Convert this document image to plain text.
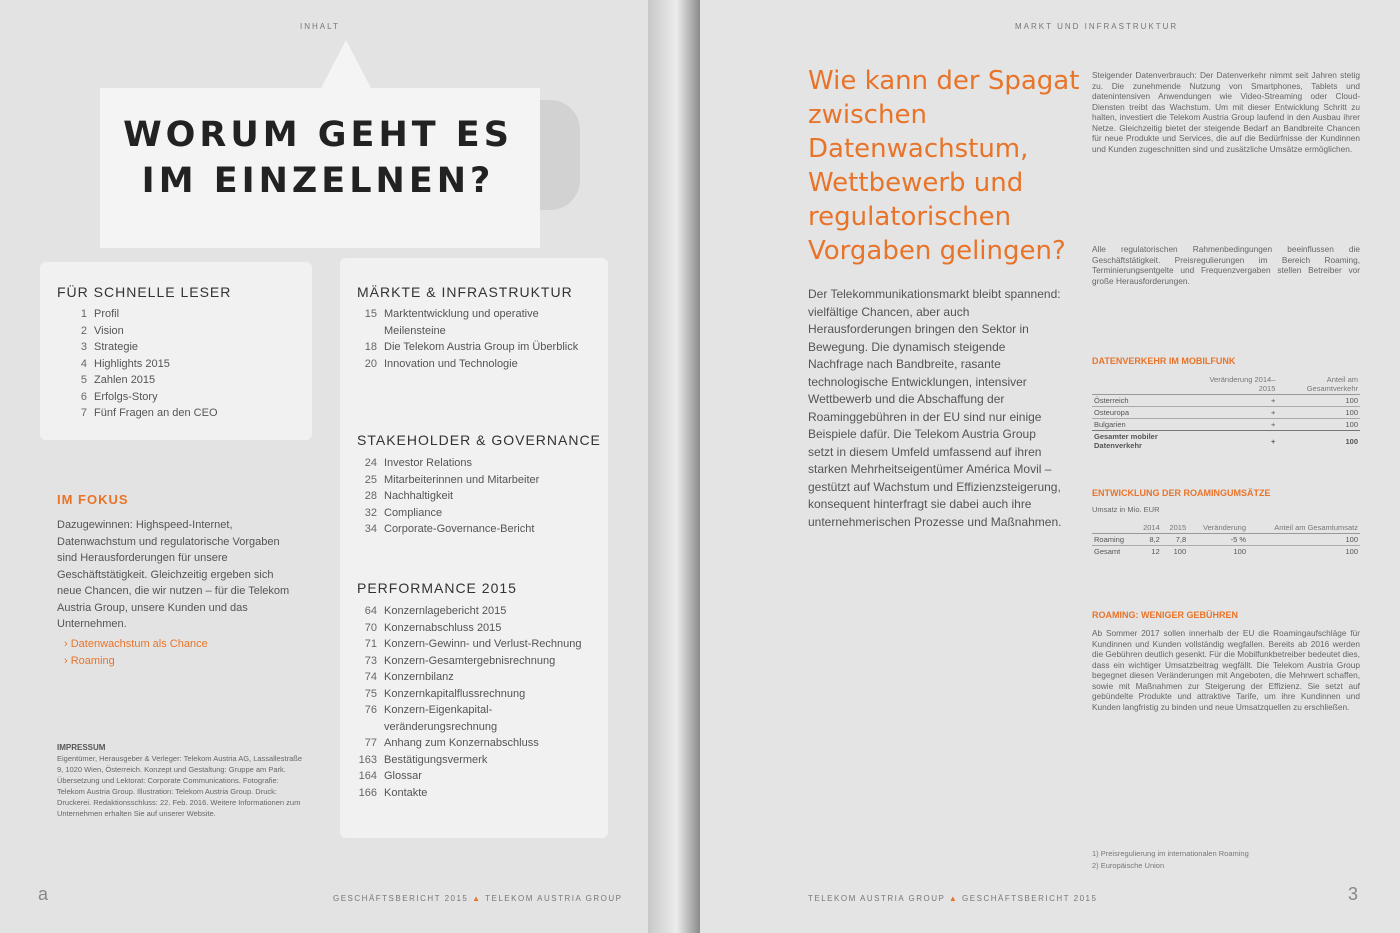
INHALT
WORUM GEHT ES IM EINZELNEN?
FÜR SCHNELLE LESER
1 Profil
2 Vision
3 Strategie
4 Highlights 2015
5 Zahlen 2015
6 Erfolgs-Story
7 Fünf Fragen an den CEO
MÄRKTE & INFRASTRUKTUR
15 Marktentwicklung und operative Meilensteine
18 Die Telekom Austria Group im Überblick
20 Innovation und Technologie
STAKEHOLDER & GOVERNANCE
24 Investor Relations
25 Mitarbeiterinnen und Mitarbeiter
28 Nachhaltigkeit
32 Compliance
34 Corporate-Governance-Bericht
PERFORMANCE 2015
64 Konzernlagebericht 2015
70 Konzernabschluss 2015
71 Konzern-Gewinn- und Verlust-Rechnung
73 Konzern-Gesamtergebnisrechnung
74 Konzernbilanz
75 Konzernkapitalflussrechnung
76 Konzern-Eigenkapital-veränderungsrechnung
77 Anhang zum Konzernabschluss
163 Bestätigungsvermerk
164 Glossar
166 Kontakte
IM FOKUS
Dazugewinnen: Highspeed-Internet, Datenwachstum und regulatorische Vorgaben sind Herausforderungen für unsere Geschäftstätigkeit. Gleichzeitig ergeben sich neue Chancen, die wir nutzen – für die Telekom Austria Group, unsere Kunden und das Unternehmen.
› Datenwachstum als Chance
› Roaming
IMPRESSUM
Eigentümer, Herausgeber & Verleger: Telekom Austria AG, Lassallestraße 9, 1020 Wien, Österreich. Konzept und Gestaltung: Gruppe am Park. Übersetzung und Lektorat: Corporate Communications. Fotografie: Telekom Austria Group. Illustration: Telekom Austria Group. Druck: Druckerei. Redaktionsschluss: 22. Feb. 2016. Weitere Informationen zum Unternehmen erhalten Sie auf unserer Website.
a	GESCHÄFTSBERICHT 2015 ▲ TELEKOM AUSTRIA GROUP
MARKT UND INFRASTRUKTUR
Wie kann der Spagat zwischen Datenwachstum, Wettbewerb und regulatorischen Vorgaben gelingen?
Der Telekommunikationsmarkt bleibt spannend: vielfältige Chancen, aber auch Herausforderungen bringen den Sektor in Bewegung. Die dynamisch steigende Nachfrage nach Bandbreite, rasante technologische Entwicklungen, intensiver Wettbewerb und die Abschaffung der Roaminggebühren in der EU sind nur einige Beispiele dafür. Die Telekom Austria Group setzt in diesem Umfeld umfassend auf ihren starken Mehrheitseigentümer América Movil – gestützt auf Wachstum und Effizienzsteigerung, konsequent hinterfragt sie dabei auch ihre unternehmerischen Prozesse und Maßnahmen.
Steigender Datenverbrauch: Der Datenverkehr nimmt seit Jahren stetig zu. Die zunehmende Nutzung von Smartphones, Tablets und datenintensiven Anwendungen wie Video-Streaming oder Cloud-Diensten treibt das Wachstum. Um mit dieser Entwicklung Schritt zu halten, investiert die Telekom Austria Group laufend in den Ausbau ihrer Netze. Gleichzeitig bietet der steigende Bedarf an Bandbreite Chancen für neue Produkte und Services, die auf die Bedürfnisse der Kundinnen und Kunden zugeschnitten sind und zusätzliche Umsätze ermöglichen.
Alle regulatorischen Rahmenbedingungen beeinflussen die Geschäftstätigkeit. Preisregulierungen im Bereich Roaming, Terminierungsentgelte und Frequenzvergaben stellen Betreiber vor große Herausforderungen.
DATENVERKEHR IM MOBILFUNK
	Veränderung 2014–2015	Anteil am Gesamtverkehr
Österreich	+	100
Osteuropa	+	100
Bulgarien	+	100
Gesamter mobiler Datenverkehr	+	100
ENTWICKLUNG DER ROAMINGUMSÄTZE
Umsatz in Mio. EUR
	2014	2015	Veränderung	Anteil am Gesamtumsatz
Roaming	8,2	7,8	-5 %	100
Gesamt	12	100	100	100
ROAMING: WENIGER GEBÜHREN
Ab Sommer 2017 sollen innerhalb der EU die Roamingaufschläge für Kundinnen und Kunden vollständig wegfallen. Bereits ab 2016 werden die Gebühren deutlich gesenkt. Für die Mobilfunkbetreiber bedeutet dies, dass ein wichtiger Umsatzbeitrag wegfällt. Die Telekom Austria Group begegnet diesen Veränderungen mit Angeboten, die Mehrwert schaffen, sowie mit Maßnahmen zur Steigerung der Effizienz. Sie setzt auf gebündelte Produkte und attraktive Tarife, um ihre Kundinnen und Kunden langfristig zu binden und neue Umsatzquellen zu erschließen.
1) Preisregulierung im internationalen Roaming
2) Europäische Union
TELEKOM AUSTRIA GROUP ▲ GESCHÄFTSBERICHT 2015	3
